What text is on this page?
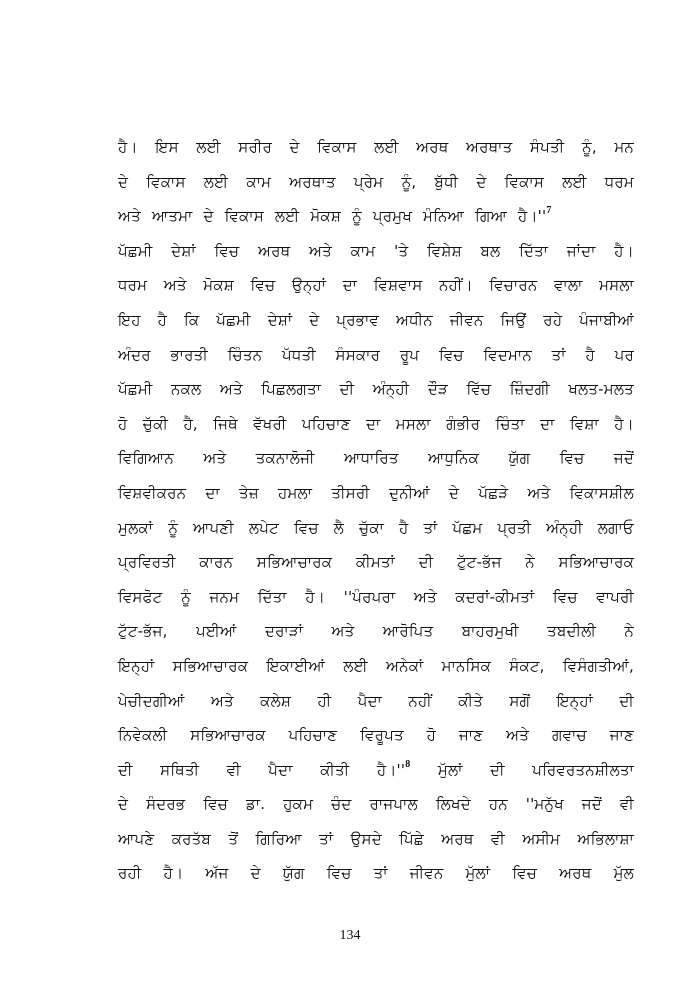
ਹੈ। ਇਸ ਲਈ ਸਰੀਰ ਦੇ ਵਿਕਾਸ ਲਈ ਅਰਥ ਅਰਥਾਤ ਸੰਪਤੀ ਨੂੰ, ਮਨ
ਦੇ ਵਿਕਾਸ ਲਈ ਕਾਮ ਅਰਥਾਤ ਪ੍ਰੇਮ ਨੂੰ, ਬੁੱਧੀ ਦੇ ਵਿਕਾਸ ਲਈ ਧਰਮ
ਅਤੇ ਆਤਮਾ ਦੇ ਵਿਕਾਸ ਲਈ ਮੋਕਸ਼ ਨੂੰ ਪ੍ਰਮੁਖ ਮੰਨਿਆ ਗਿਆ ਹੈ।''$^7$
ਪੱਛਮੀ ਦੇਸ਼ਾਂ ਵਿਚ ਅਰਥ ਅਤੇ ਕਾਮ 'ਤੇ ਵਿਸ਼ੇਸ਼ ਬਲ ਦਿੱਤਾ ਜਾਂਦਾ ਹੈ।
ਧਰਮ ਅਤੇ ਮੋਕਸ਼ ਵਿਚ ਉਨ੍ਹਾਂ ਦਾ ਵਿਸ਼ਵਾਸ ਨਹੀਂ। ਵਿਚਾਰਨ ਵਾਲਾ ਮਸਲਾ
ਇਹ ਹੈ ਕਿ ਪੱਛਮੀ ਦੇਸ਼ਾਂ ਦੇ ਪ੍ਰਭਾਵ ਅਧੀਨ ਜੀਵਨ ਜਿਉਂ ਰਹੇ ਪੰਜਾਬੀਆਂ
ਅੰਦਰ ਭਾਰਤੀ ਚਿੰਤਨ ਪੱਧਤੀ ਸੰਸਕਾਰ ਰੂਪ ਵਿਚ ਵਿਦਮਾਨ ਤਾਂ ਹੈ ਪਰ
ਪੱਛਮੀ ਨਕਲ ਅਤੇ ਪਿਛਲਗਤਾ ਦੀ ਅੰਨ੍ਹੀ ਦੌੜ ਵਿੱਚ ਜ਼ਿੰਦਗੀ ਖਲਤ-ਮਲਤ
ਹੋ ਚੁੱਕੀ ਹੈ, ਜਿਥੇ ਵੱਖਰੀ ਪਹਿਚਾਣ ਦਾ ਮਸਲਾ ਗੰਭੀਰ ਚਿੰਤਾ ਦਾ ਵਿਸ਼ਾ ਹੈ।
ਵਿਗਿਆਨ ਅਤੇ ਤਕਨਾਲੋਜੀ ਆਧਾਰਿਤ ਆਧੁਨਿਕ ਯੁੱਗ ਵਿਚ ਜਦੋਂ
ਵਿਸ਼ਵੀਕਰਨ ਦਾ ਤੇਜ਼ ਹਮਲਾ ਤੀਸਰੀ ਦੁਨੀਆਂ ਦੇ ਪੱਛੜੇ ਅਤੇ ਵਿਕਾਸਸ਼ੀਲ
ਮੁਲਕਾਂ ਨੂੰ ਆਪਣੀ ਲਪੇਟ ਵਿਚ ਲੈ ਚੁੱਕਾ ਹੈ ਤਾਂ ਪੱਛਮ ਪ੍ਰਤੀ ਅੰਨ੍ਹੀ ਲਗਾਓ
ਪ੍ਰਵਿਰਤੀ ਕਾਰਨ ਸਭਿਆਚਾਰਕ ਕੀਮਤਾਂ ਦੀ ਟੁੱਟ-ਭੱਜ ਨੇ ਸਭਿਆਚਾਰਕ
ਵਿਸਫੋਟ ਨੂੰ ਜਨਮ ਦਿੱਤਾ ਹੈ। ''ਪੰਰਪਰਾ ਅਤੇ ਕਦਰਾਂ-ਕੀਮਤਾਂ ਵਿਚ ਵਾਪਰੀ
ਟੁੱਟ-ਭੱਜ, ਪਈਆਂ ਦਰਾੜਾਂ ਅਤੇ ਆਰੋਪਿਤ ਬਾਹਰਮੁਖੀ ਤਬਦੀਲੀ ਨੇ
ਇਨ੍ਹਾਂ ਸਭਿਆਚਾਰਕ ਇਕਾਈਆਂ ਲਈ ਅਨੇਕਾਂ ਮਾਨਸਿਕ ਸੰਕਟ, ਵਿਸੰਗਤੀਆਂ,
ਪੇਚੀਦਗੀਆਂ ਅਤੇ ਕਲੇਸ਼ ਹੀ ਪੈਦਾ ਨਹੀਂ ਕੀਤੇ ਸਗੋਂ ਇਨ੍ਹਾਂ ਦੀ
ਨਿਵੇਕਲੀ ਸਭਿਆਚਾਰਕ ਪਹਿਚਾਣ ਵਿਰੂਪਤ ਹੋ ਜਾਣ ਅਤੇ ਗਵਾਚ ਜਾਣ
ਦੀ ਸਥਿਤੀ ਵੀ ਪੈਦਾ ਕੀਤੀ ਹੈ।''$^8$ ਮੁੱਲਾਂ ਦੀ ਪਰਿਵਰਤਨਸ਼ੀਲਤਾ
ਦੇ ਸੰਦਰਭ ਵਿਚ ਡਾ. ਹੁਕਮ ਚੰਦ ਰਾਜਪਾਲ ਲਿਖਦੇ ਹਨ ''ਮਨੁੱਖ ਜਦੋਂ ਵੀ
ਆਪਣੇ ਕਰਤੱਬ ਤੋਂ ਗਿਰਿਆ ਤਾਂ ਉਸਦੇ ਪਿੱਛੇ ਅਰਥ ਵੀ ਅਸੀਮ ਅਭਿਲਾਸ਼ਾ
ਰਹੀ ਹੈ। ਅੱਜ ਦੇ ਯੁੱਗ ਵਿਚ ਤਾਂ ਜੀਵਨ ਮੁੱਲਾਂ ਵਿਚ ਅਰਥ ਮੁੱਲ
134
